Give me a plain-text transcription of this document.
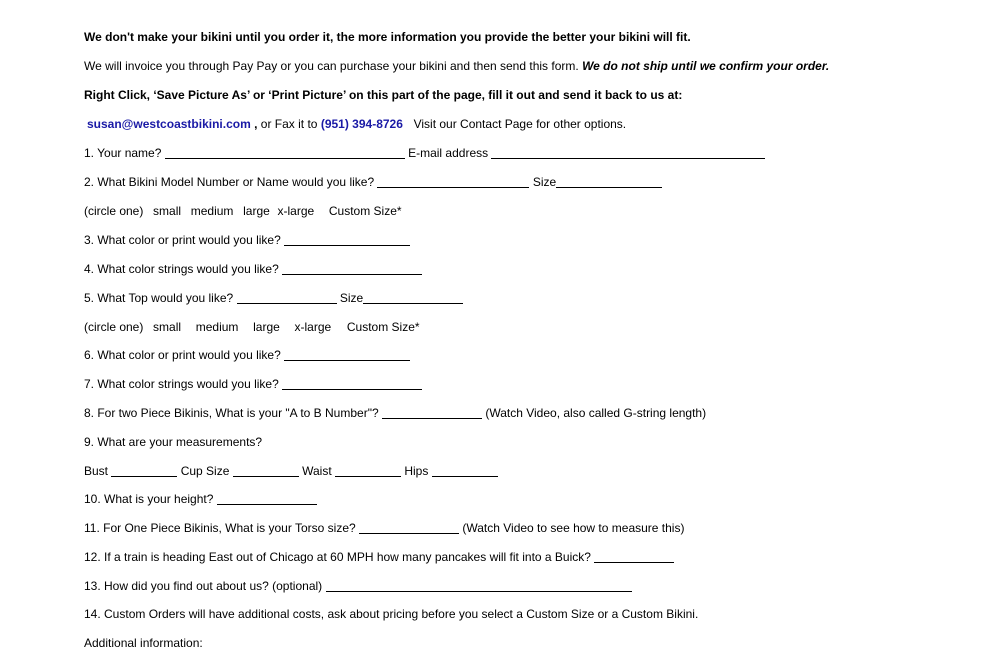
We don't make your bikini until you order it, the more information you provide the better your bikini will fit.
We will invoice you through Pay Pay or you can purchase your bikini and then send this form. We do not ship until we confirm your order.
Right Click, ‘Save Picture As’ or ‘Print Picture’ on this part of the page, fill it out and send it back to us at:
susan@westcoastbikini.com , or Fax it to (951) 394-8726 Visit our Contact Page for other options.
1. Your name?	E-mail address
2. What Bikini Model Number or Name would you like?	Size
(circle one) small medium large x-large Custom Size*
3. What color or print would you like?
4. What color strings would you like?
5. What Top would you like?	Size
(circle one) small medium large x-large Custom Size*
6. What color or print would you like?
7. What color strings would you like?
8. For two Piece Bikinis, What is your "A to B Number"?	(Watch Video, also called G-string length)
9. What are your measurements?
Bust	Cup Size	Waist	Hips
10. What is your height?
11. For One Piece Bikinis, What is your Torso size?	(Watch Video to see how to measure this)
12. If a train is heading East out of Chicago at 60 MPH how many pancakes will fit into a Buick?
13. How did you find out about us? (optional)
14. Custom Orders will have additional costs, ask about pricing before you select a Custom Size or a Custom Bikini.
Additional information:
